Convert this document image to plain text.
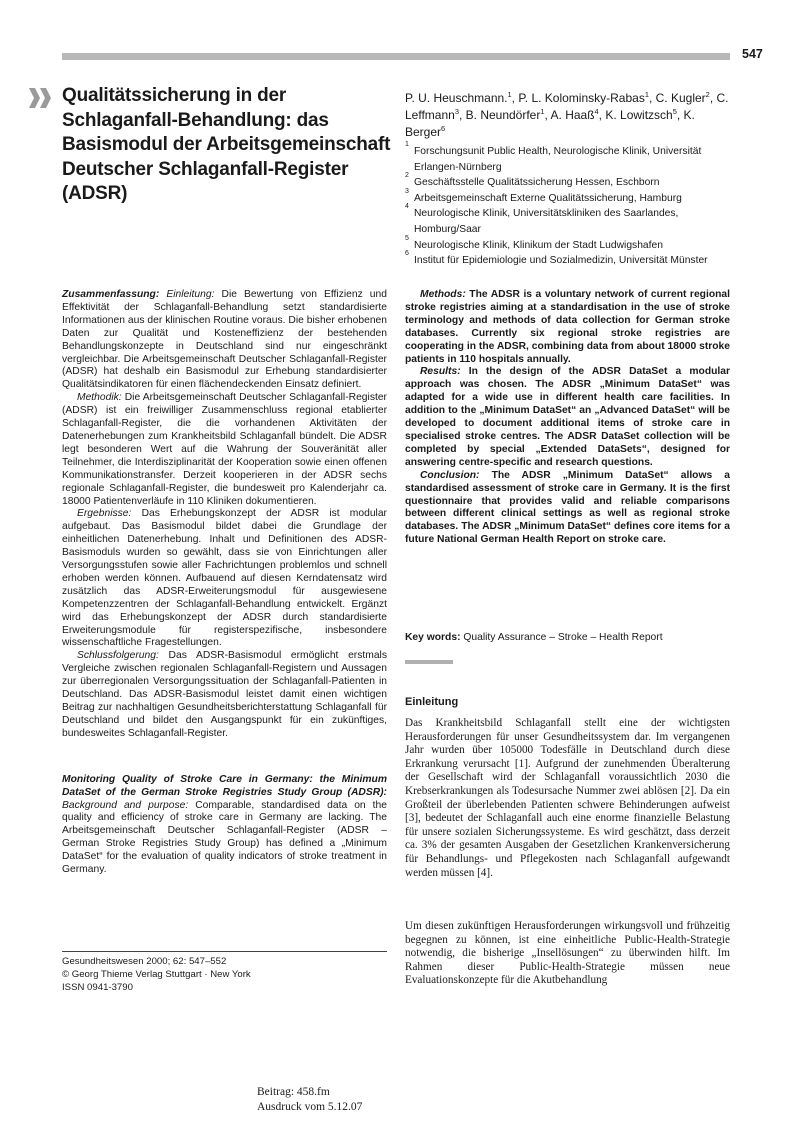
547
Qualitätssicherung in der Schlaganfall-Behandlung: das Basismodul der Arbeitsgemeinschaft Deutscher Schlaganfall-Register (ADSR)
P. U. Heuschmann.$^1$, P. L. Kolominsky-Rabas$^1$, C. Kugler$^2$, C. Leffmann$^3$, B. Neundörfer$^1$, A. Haaß$^4$, K. Lowitzsch$^5$, K. Berger$^6$
1
Forschungsunit Public Health, Neurologische Klinik, Universität Erlangen-Nürnberg
2
Geschäftsstelle Qualitätssicherung Hessen, Eschborn
3
Arbeitsgemeinschaft Externe Qualitätssicherung, Hamburg
4
Neurologische Klinik, Universitätskliniken des Saarlandes, Homburg/Saar
5
Neurologische Klinik, Klinikum der Stadt Ludwigshafen
6
Institut für Epidemiologie und Sozialmedizin, Universität Münster

Zusammenfassung: Einleitung: Die Bewertung von Effizienz und Effektivität der Schlaganfall-Behandlung setzt standardisierte Informationen aus der klinischen Routine voraus. Die bisher erhobenen Daten zur Qualität und Kosteneffizienz der bestehenden Behandlungskonzepte in Deutschland sind nur eingeschränkt vergleichbar. Die Arbeitsgemeinschaft Deutscher Schlaganfall-Register (ADSR) hat deshalb ein Basismodul zur Erhebung standardisierter Qualitätsindikatoren für einen flächendeckenden Einsatz definiert.

Methodik: Die Arbeitsgemeinschaft Deutscher Schlaganfall-Register (ADSR) ist ein freiwilliger Zusammenschluss regional etablierter Schlaganfall-Register, die die vorhandenen Aktivitäten der Datenerhebungen zum Krankheitsbild Schlaganfall bündelt. Die ADSR legt besonderen Wert auf die Wahrung der Souveränität aller Teilnehmer, die Interdisziplinarität der Kooperation sowie einen offenen Kommunikationstransfer. Derzeit kooperieren in der ADSR sechs regionale Schlaganfall-Register, die bundesweit pro Kalenderjahr ca. 18000 Patientenverläufe in 110 Kliniken dokumentieren.

Ergebnisse: Das Erhebungskonzept der ADSR ist modular aufgebaut. Das Basismodul bildet dabei die Grundlage der einheitlichen Datenerhebung. Inhalt und Definitionen des ADSR-Basismoduls wurden so gewählt, dass sie von Einrichtungen aller Versorgungsstufen sowie aller Fachrichtungen problemlos und schnell erhoben werden können. Aufbauend auf diesen Kerndatensatz wird zusätzlich das ADSR-Erweiterungsmodul für ausgewiesene Kompetenzzentren der Schlaganfall-Behandlung entwickelt. Ergänzt wird das Erhebungskonzept der ADSR durch standardisierte Erweiterungsmodule für registerspezifische, insbesondere wissenschaftliche Fragestellungen.

Schlussfolgerung: Das ADSR-Basismodul ermöglicht erstmals Vergleiche zwischen regionalen Schlaganfall-Registern und Aussagen zur überregionalen Versorgungssituation der Schlaganfall-Patienten in Deutschland. Das ADSR-Basismodul leistet damit einen wichtigen Beitrag zur nachhaltigen Gesundheitsberichterstattung Schlaganfall für Deutschland und bildet den Ausgangspunkt für ein zukünftiges, bundesweites Schlaganfall-Register.

Monitoring Quality of Stroke Care in Germany: the Minimum DataSet of the German Stroke Registries Study Group (ADSR): Background and purpose: Comparable, standardised data on the quality and efficiency of stroke care in Germany are lacking. The Arbeitsgemeinschaft Deutscher Schlaganfall-Register (ADSR – German Stroke Registries Study Group) has defined a „Minimum DataSet“ for the evaluation of quality indicators of stroke treatment in Germany.

Methods: The ADSR is a voluntary network of current regional stroke registries aiming at a standardisation in the use of stroke terminology and methods of data collection for German stroke databases. Currently six regional stroke registries are cooperating in the ADSR, combining data from about 18000 stroke patients in 110 hospitals annually.

Results: In the design of the ADSR DataSet a modular approach was chosen. The ADSR „Minimum DataSet“ was adapted for a wide use in different health care facilities. In addition to the „Minimum DataSet“ an „Advanced DataSet“ will be developed to document additional items of stroke care in specialised stroke centres. The ADSR DataSet collection will be completed by special „Extended DataSets“, designed for answering centre-specific and research questions.

Conclusion: The ADSR „Minimum DataSet“ allows a standardised assessment of stroke care in Germany. It is the first questionnaire that provides valid and reliable comparisons between different clinical settings as well as regional stroke databases. The ADSR „Minimum DataSet“ defines core items for a future National German Health Report on stroke care.

Key words: Quality Assurance – Stroke – Health Report
Einleitung

Das Krankheitsbild Schlaganfall stellt eine der wichtigsten Herausforderungen für unser Gesundheitssystem dar. Im vergangenen Jahr wurden über 105000 Todesfälle in Deutschland durch diese Erkrankung verursacht [1]. Aufgrund der zunehmenden Überalterung der Gesellschaft wird der Schlaganfall voraussichtlich 2030 die Krebserkrankungen als Todesursache Nummer zwei ablösen [2]. Da ein Großteil der überlebenden Patienten schwere Behinderungen aufweist [3], bedeutet der Schlaganfall auch eine enorme finanzielle Belastung für unsere sozialen Sicherungssysteme. Es wird geschätzt, dass derzeit ca. 3% der gesamten Ausgaben der Gesetzlichen Krankenversicherung für Behandlungs- und Pflegekosten nach Schlaganfall aufgewandt werden müssen [4].

Um diesen zukünftigen Herausforderungen wirkungsvoll und frühzeitig begegnen zu können, ist eine einheitliche Public-Health-Strategie notwendig, die bisherige „Insellösungen“ zu überwinden hilft. Im Rahmen dieser Public-Health-Strategie müssen neue Evaluationskonzepte für die Akutbehandlung

Gesundheitswesen 2000; 62: 547–552
© Georg Thieme Verlag Stuttgart · New York
ISSN 0941-3790
Beitrag: 458.fm
Ausdruck vom 5.12.07
